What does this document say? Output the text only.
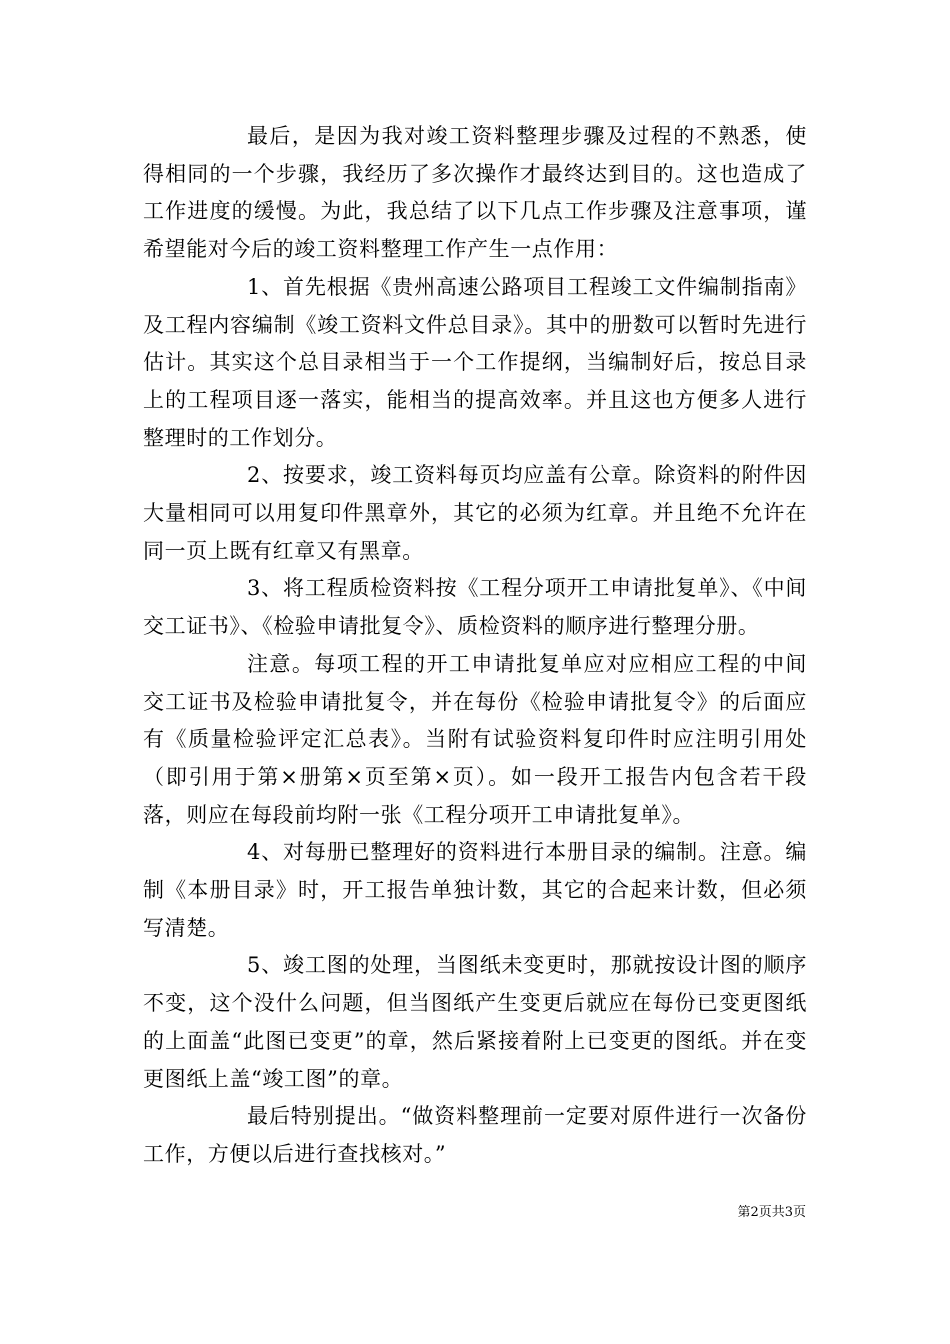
最后，是因为我对竣工资料整理步骤及过程的不熟悉，使得相同的一个步骤，我经历了多次操作才最终达到目的。这也造成了工作进度的缓慢。为此，我总结了以下几点工作步骤及注意事项，谨希望能对今后的竣工资料整理工作产生一点作用：

1、首先根据《贵州高速公路项目工程竣工文件编制指南》及工程内容编制《竣工资料文件总目录》。其中的册数可以暂时先进行估计。其实这个总目录相当于一个工作提纲，当编制好后，按总目录上的工程项目逐一落实，能相当的提高效率。并且这也方便多人进行整理时的工作划分。

2、按要求，竣工资料每页均应盖有公章。除资料的附件因大量相同可以用复印件黑章外，其它的必须为红章。并且绝不允许在同一页上既有红章又有黑章。

3、将工程质检资料按《工程分项开工申请批复单》、《中间交工证书》、《检验申请批复令》、质检资料的顺序进行整理分册。

注意。每项工程的开工申请批复单应对应相应工程的中间交工证书及检验申请批复令，并在每份《检验申请批复令》的后面应有《质量检验评定汇总表》。当附有试验资料复印件时应注明引用处（即引用于第×册第×页至第×页）。如一段开工报告内包含若干段落，则应在每段前均附一张《工程分项开工申请批复单》。

4、对每册已整理好的资料进行本册目录的编制。注意。编制《本册目录》时，开工报告单独计数，其它的合起来计数，但必须写清楚。

5、竣工图的处理，当图纸未变更时，那就按设计图的顺序不变，这个没什么问题，但当图纸产生变更后就应在每份已变更图纸的上面盖“此图已变更”的章，然后紧接着附上已变更的图纸。并在变更图纸上盖“竣工图”的章。

最后特别提出。“做资料整理前一定要对原件进行一次备份工作，方便以后进行查找核对。”

第2页共3页
